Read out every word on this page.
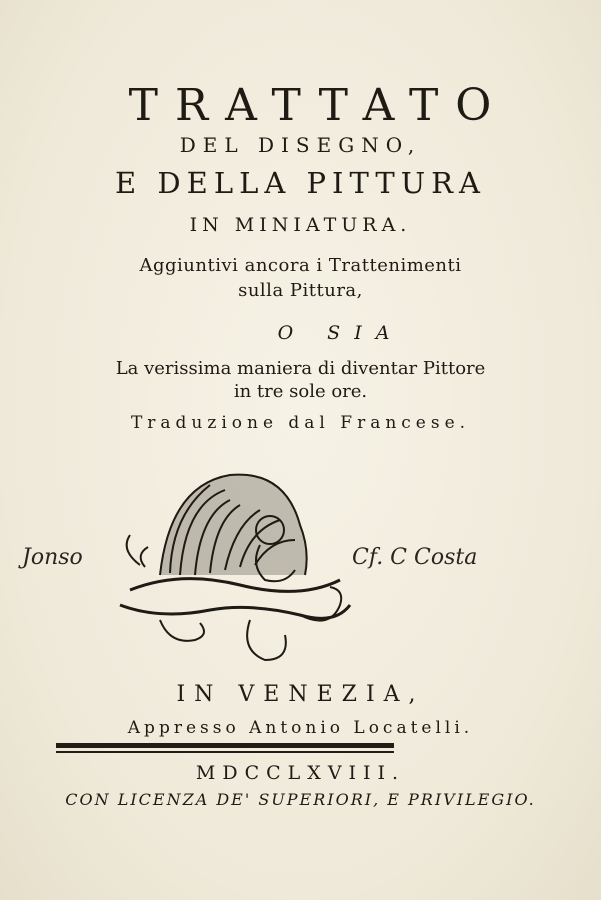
TRATTATO
DEL DISEGNO,
E DELLA PITTURA
IN MINIATURA.
Aggiuntivi ancora i Trattenimenti
sulla Pittura,
O SIA
La verissima maniera di diventar Pittore
in tre sole ore.
Traduzione dal Francese.
Jonso	Cf. C Costa
IN VENEZIA,
Appresso Antonio Locatelli.
MDCCLXVIII.
CON LICENZA DE' SUPERIORI, E PRIVILEGIO.
